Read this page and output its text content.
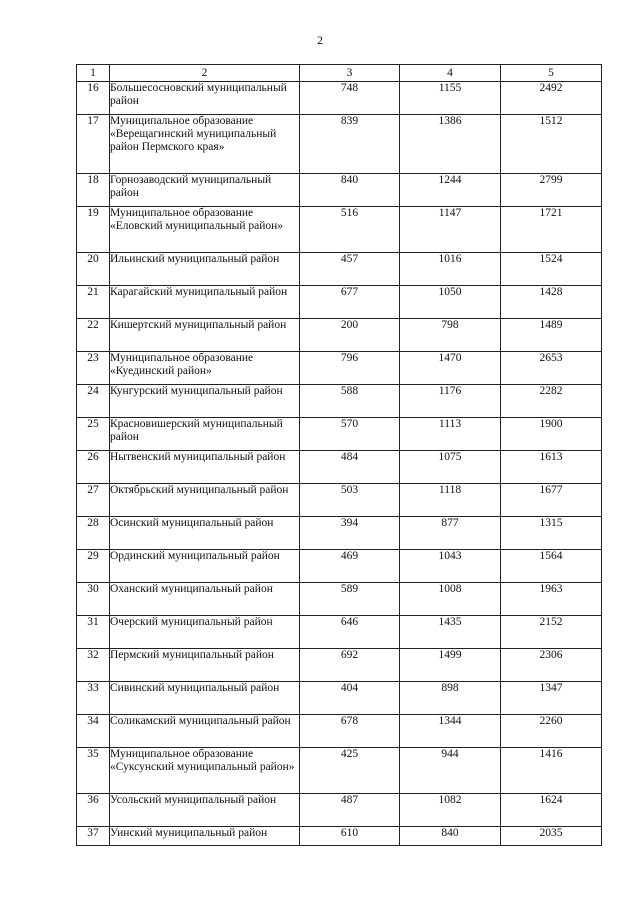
2
1	2	3	4	5
16	Большесосновский муниципальный район	748	1155	2492
17	Муниципальное образование «Верещагинский муниципальный район Пермского края»	839	1386	1512
18	Горнозаводский муниципальный район	840	1244	2799
19	Муниципальное образование «Еловский муниципальный район»	516	1147	1721
20	Ильинский муниципальный район	457	1016	1524
21	Карагайский муниципальный район	677	1050	1428
22	Кишертский муниципальный район	200	798	1489
23	Муниципальное образование «Куединский район»	796	1470	2653
24	Кунгурский муниципальный район	588	1176	2282
25	Красновишерский муниципальный район	570	1113	1900
26	Нытвенский муниципальный район	484	1075	1613
27	Октябрьский муниципальный район	503	1118	1677
28	Осинский муниципальный район	394	877	1315
29	Ординский муниципальный район	469	1043	1564
30	Оханский муниципальный район	589	1008	1963
31	Очерский муниципальный район	646	1435	2152
32	Пермский муниципальный район	692	1499	2306
33	Сивинский муниципальный район	404	898	1347
34	Соликамский муниципальный район	678	1344	2260
35	Муниципальное образование «Суксунский муниципальный район»	425	944	1416
36	Усольский муниципальный район	487	1082	1624
37	Уинский муниципальный район	610	840	2035
